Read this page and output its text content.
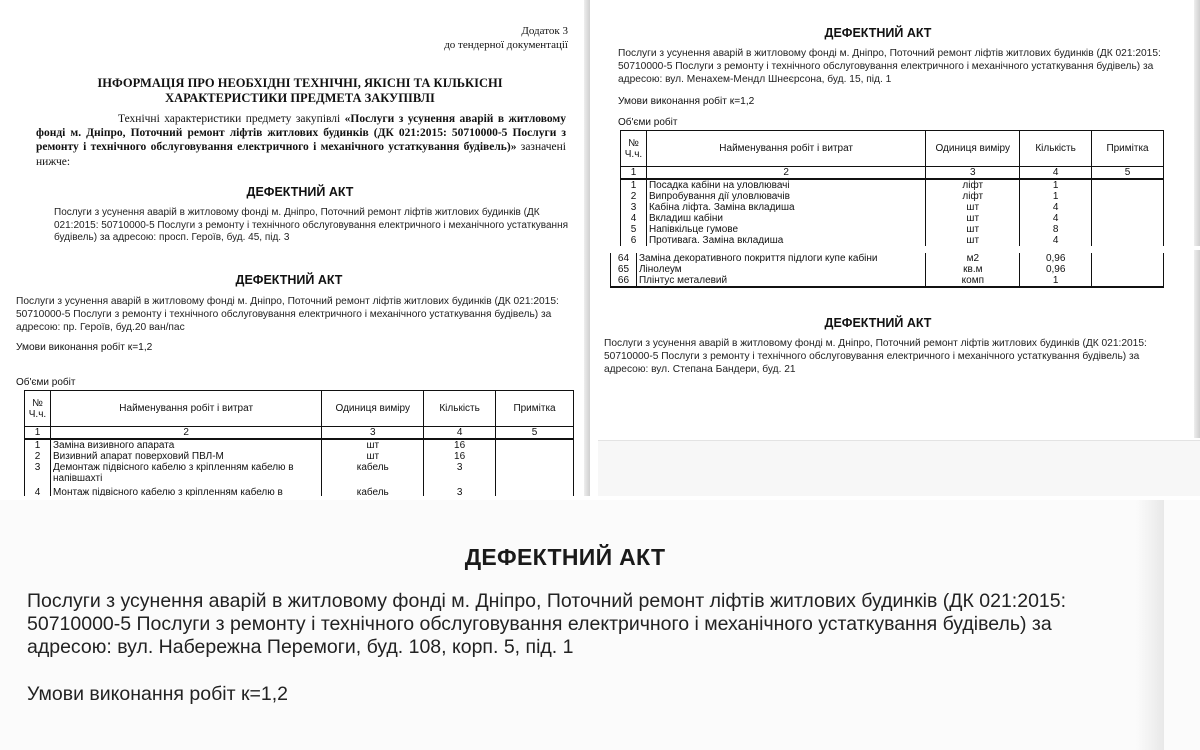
Додаток 3
до тендерної документації
ІНФОРМАЦІЯ ПРО НЕОБХІДНІ ТЕХНІЧНІ, ЯКІСНІ ТА КІЛЬКІСНІ
ХАРАКТЕРИСТИКИ ПРЕДМЕТА ЗАКУПІВЛІ
Технічні характеристики предмету закупівлі «Послуги з усунення аварій в житловому фонді м. Дніпро, Поточний ремонт ліфтів житлових будинків (ДК 021:2015: 50710000-5 Послуги з ремонту і технічного обслуговування електричного і механічного устаткування будівель)» зазначені нижче:
ДЕФЕКТНИЙ АКТ
Послуги з усунення аварій в житловому фонді м. Дніпро, Поточний ремонт ліфтів житлових будинків (ДК 021:2015: 50710000-5 Послуги з ремонту і технічного обслуговування електричного і механічного устаткування будівель) за адресою: просп. Героїв, буд. 45, під. 3
ДЕФЕКТНИЙ АКТ
Послуги з усунення аварій в житловому фонді м. Дніпро, Поточний ремонт ліфтів житлових будинків (ДК 021:2015: 50710000-5 Послуги з ремонту і технічного обслуговування електричного і механічного устаткування будівель) за адресою: пр. Героїв, буд.20 ван/пас
Умови виконання робіт к=1,2
Об'єми робіт
№ Ч.ч.	Найменування робіт і витрат	Одиниця виміру	Кількість	Примітка
1	2	3	4	5
1	Заміна визивного апарата	шт	16	
2	Визивний апарат поверховий ПВЛ-М	шт	16	
3	Демонтаж підвісного кабелю з кріпленням кабелю в напівшахті	кабель	3	
4	Монтаж підвісного кабелю з кріпленням кабелю в	кабель	3	
ДЕФЕКТНИЙ АКТ
Послуги з усунення аварій в житловому фонді м. Дніпро, Поточний ремонт ліфтів житлових будинків (ДК 021:2015: 50710000-5 Послуги з ремонту і технічного обслуговування електричного і механічного устаткування будівель) за адресою: вул. Менахем-Мендл Шнеєрсона, буд. 15, під. 1
Умови виконання робіт к=1,2
Об'єми робіт
№ Ч.ч.	Найменування робіт і витрат	Одиниця виміру	Кількість	Примітка
1	2	3	4	5
1	Посадка кабіни на уловлювачі	ліфт	1	
2	Випробування дії уловлювачів	ліфт	1	
3	Кабіна ліфта. Заміна вкладиша	шт	4	
4	Вкладиш кабіни	шт	4	
5	Напівкільце гумове	шт	8	
6	Противага. Заміна вкладиша	шт	4	
64	Заміна декоративного покриття підлоги купе кабіни	м2	0,96	
65	Лінолеум	кв.м	0,96	
66	Плінтус металевий	комп	1	
ДЕФЕКТНИЙ АКТ
Послуги з усунення аварій в житловому фонді м. Дніпро, Поточний ремонт ліфтів житлових будинків (ДК 021:2015: 50710000-5 Послуги з ремонту і технічного обслуговування електричного і механічного устаткування будівель) за адресою: вул. Степана Бандери, буд. 21
ДЕФЕКТНИЙ АКТ
Послуги з усунення аварій в житловому фонді м. Дніпро, Поточний ремонт ліфтів житлових будинків (ДК 021:2015: 50710000-5 Послуги з ремонту і технічного обслуговування електричного і механічного устаткування будівель) за адресою: вул. Набережна Перемоги, буд. 108, корп. 5, під. 1
Умови виконання робіт к=1,2
